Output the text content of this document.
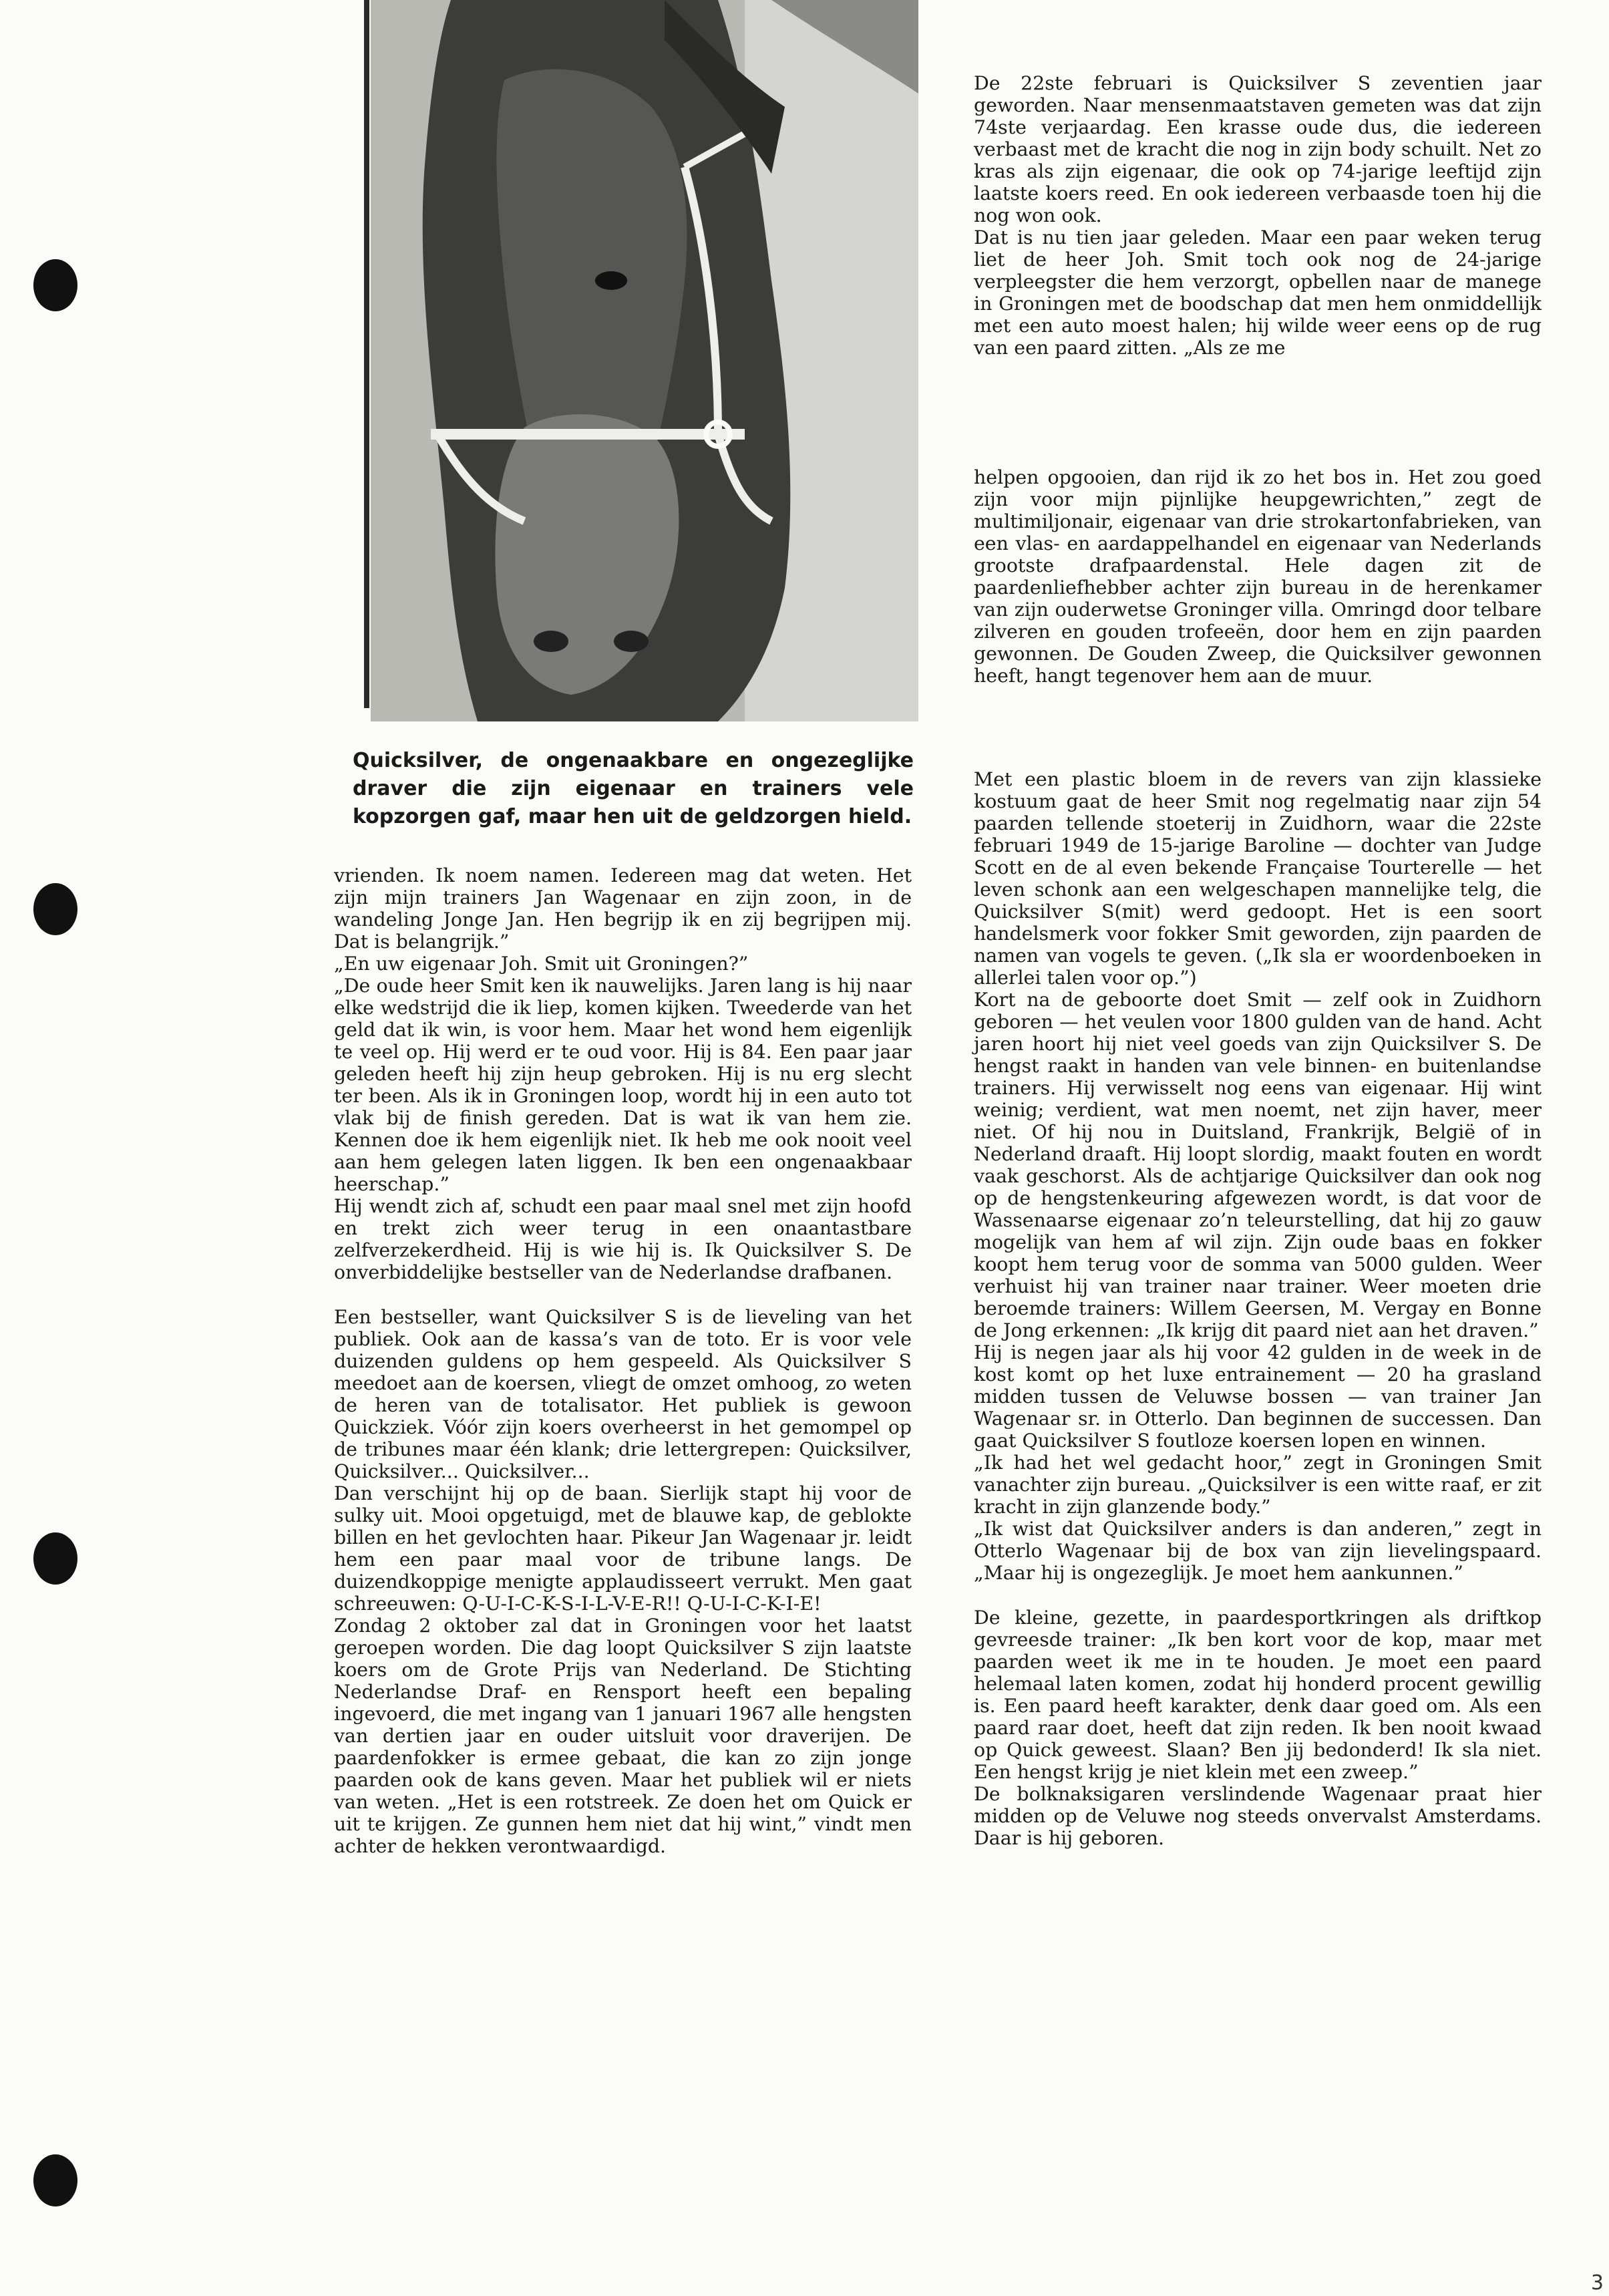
Quicksilver, de ongenaakbare en ongezeglijke draver die zijn eigenaar en trainers vele kopzorgen gaf, maar hen uit de geldzorgen hield.

vrienden. Ik noem namen. Iedereen mag dat weten. Het zijn mijn trainers Jan Wagenaar en zijn zoon, in de wandeling Jonge Jan. Hen begrijp ik en zij begrijpen mij. Dat is belangrijk.”

„En uw eigenaar Joh. Smit uit Groningen?”

„De oude heer Smit ken ik nauwelijks. Jaren lang is hij naar elke wedstrijd die ik liep, komen kijken. Tweederde van het geld dat ik win, is voor hem. Maar het wond hem eigenlijk te veel op. Hij werd er te oud voor. Hij is 84. Een paar jaar geleden heeft hij zijn heup gebroken. Hij is nu erg slecht ter been. Als ik in Groningen loop, wordt hij in een auto tot vlak bij de finish gereden. Dat is wat ik van hem zie. Kennen doe ik hem eigenlijk niet. Ik heb me ook nooit veel aan hem gelegen laten liggen. Ik ben een ongenaakbaar heerschap.”

Hij wendt zich af, schudt een paar maal snel met zijn hoofd en trekt zich weer terug in een onaantastbare zelfverzekerdheid. Hij is wie hij is. Ik Quicksilver S. De onverbiddelijke bestseller van de Nederlandse drafbanen.

Een bestseller, want Quicksilver S is de lieveling van het publiek. Ook aan de kassa’s van de toto. Er is voor vele duizenden guldens op hem gespeeld. Als Quicksilver S meedoet aan de koersen, vliegt de omzet omhoog, zo weten de heren van de totalisator. Het publiek is gewoon Quickziek. Vóór zijn koers overheerst in het gemompel op de tribunes maar één klank; drie lettergrepen: Quicksilver, Quicksilver... Quicksilver...

Dan verschijnt hij op de baan. Sierlijk stapt hij voor de sulky uit. Mooi opgetuigd, met de blauwe kap, de geblokte billen en het gevlochten haar. Pikeur Jan Wagenaar jr. leidt hem een paar maal voor de tribune langs. De duizendkoppige menigte applaudisseert verrukt. Men gaat schreeuwen: Q-U-I-C-K-S-I-L-V-E-R!! Q-U-I-C-K-I-E!

Zondag 2 oktober zal dat in Groningen voor het laatst geroepen worden. Die dag loopt Quicksilver S zijn laatste koers om de Grote Prijs van Nederland. De Stichting Nederlandse Draf- en Rensport heeft een bepaling ingevoerd, die met ingang van 1 januari 1967 alle hengsten van dertien jaar en ouder uitsluit voor draverijen. De paardenfokker is ermee gebaat, die kan zo zijn jonge paarden ook de kans geven. Maar het publiek wil er niets van weten. „Het is een rotstreek. Ze doen het om Quick er uit te krijgen. Ze gunnen hem niet dat hij wint,” vindt men achter de hekken verontwaardigd.

De 22ste februari is Quicksilver S zeventien jaar geworden. Naar mensenmaatstaven gemeten was dat zijn 74ste verjaardag. Een krasse oude dus, die iedereen verbaast met de kracht die nog in zijn body schuilt. Net zo kras als zijn eigenaar, die ook op 74-jarige leeftijd zijn laatste koers reed. En ook iedereen verbaasde toen hij die nog won ook.

Dat is nu tien jaar geleden. Maar een paar weken terug liet de heer Joh. Smit toch ook nog de 24-jarige verpleegster die hem verzorgt, opbellen naar de manege in Groningen met de boodschap dat men hem onmiddellijk met een auto moest halen; hij wilde weer eens op de rug van een paard zitten. „Als ze me

helpen opgooien, dan rijd ik zo het bos in. Het zou goed zijn voor mijn pijnlijke heupgewrichten,” zegt de multimiljonair, eigenaar van drie strokartonfabrieken, van een vlas- en aardappelhandel en eigenaar van Nederlands grootste drafpaardenstal. Hele dagen zit de paardenliefhebber achter zijn bureau in de herenkamer van zijn ouderwetse Groninger villa. Omringd door telbare zilveren en gouden trofeeën, door hem en zijn paarden gewonnen. De Gouden Zweep, die Quicksilver gewonnen heeft, hangt tegenover hem aan de muur.

Met een plastic bloem in de revers van zijn klassieke kostuum gaat de heer Smit nog regelmatig naar zijn 54 paarden tellende stoeterij in Zuidhorn, waar die 22ste februari 1949 de 15-jarige Baroline — dochter van Judge Scott en de al even bekende Française Tourterelle — het leven schonk aan een welgeschapen mannelijke telg, die Quicksilver S(mit) werd gedoopt. Het is een soort handelsmerk voor fokker Smit geworden, zijn paarden de namen van vogels te geven. („Ik sla er woordenboeken in allerlei talen voor op.”)

Kort na de geboorte doet Smit — zelf ook in Zuidhorn geboren — het veulen voor 1800 gulden van de hand. Acht jaren hoort hij niet veel goeds van zijn Quicksilver S. De hengst raakt in handen van vele binnen- en buitenlandse trainers. Hij verwisselt nog eens van eigenaar. Hij wint weinig; verdient, wat men noemt, net zijn haver, meer niet. Of hij nou in Duitsland, Frankrijk, België of in Nederland draaft. Hij loopt slordig, maakt fouten en wordt vaak geschorst. Als de achtjarige Quicksilver dan ook nog op de hengstenkeuring afgewezen wordt, is dat voor de Wassenaarse eigenaar zo’n teleurstelling, dat hij zo gauw mogelijk van hem af wil zijn. Zijn oude baas en fokker koopt hem terug voor de somma van 5000 gulden. Weer verhuist hij van trainer naar trainer. Weer moeten drie beroemde trainers: Willem Geersen, M. Vergay en Bonne de Jong erkennen: „Ik krijg dit paard niet aan het draven.”

Hij is negen jaar als hij voor 42 gulden in de week in de kost komt op het luxe entrainement — 20 ha grasland midden tussen de Veluwse bossen — van trainer Jan Wagenaar sr. in Otterlo. Dan beginnen de successen. Dan gaat Quicksilver S foutloze koersen lopen en winnen.

„Ik had het wel gedacht hoor,” zegt in Groningen Smit vanachter zijn bureau. „Quicksilver is een witte raaf, er zit kracht in zijn glanzende body.”

„Ik wist dat Quicksilver anders is dan anderen,” zegt in Otterlo Wagenaar bij de box van zijn lievelingspaard. „Maar hij is ongezeglijk. Je moet hem aankunnen.”

De kleine, gezette, in paardesportkringen als driftkop gevreesde trainer: „Ik ben kort voor de kop, maar met paarden weet ik me in te houden. Je moet een paard helemaal laten komen, zodat hij honderd procent gewillig is. Een paard heeft karakter, denk daar goed om. Als een paard raar doet, heeft dat zijn reden. Ik ben nooit kwaad op Quick geweest. Slaan? Ben jij bedonderd! Ik sla niet. Een hengst krijg je niet klein met een zweep.”

De bolknaksigaren verslindende Wagenaar praat hier midden op de Veluwe nog steeds onvervalst Amsterdams. Daar is hij geboren.

3
